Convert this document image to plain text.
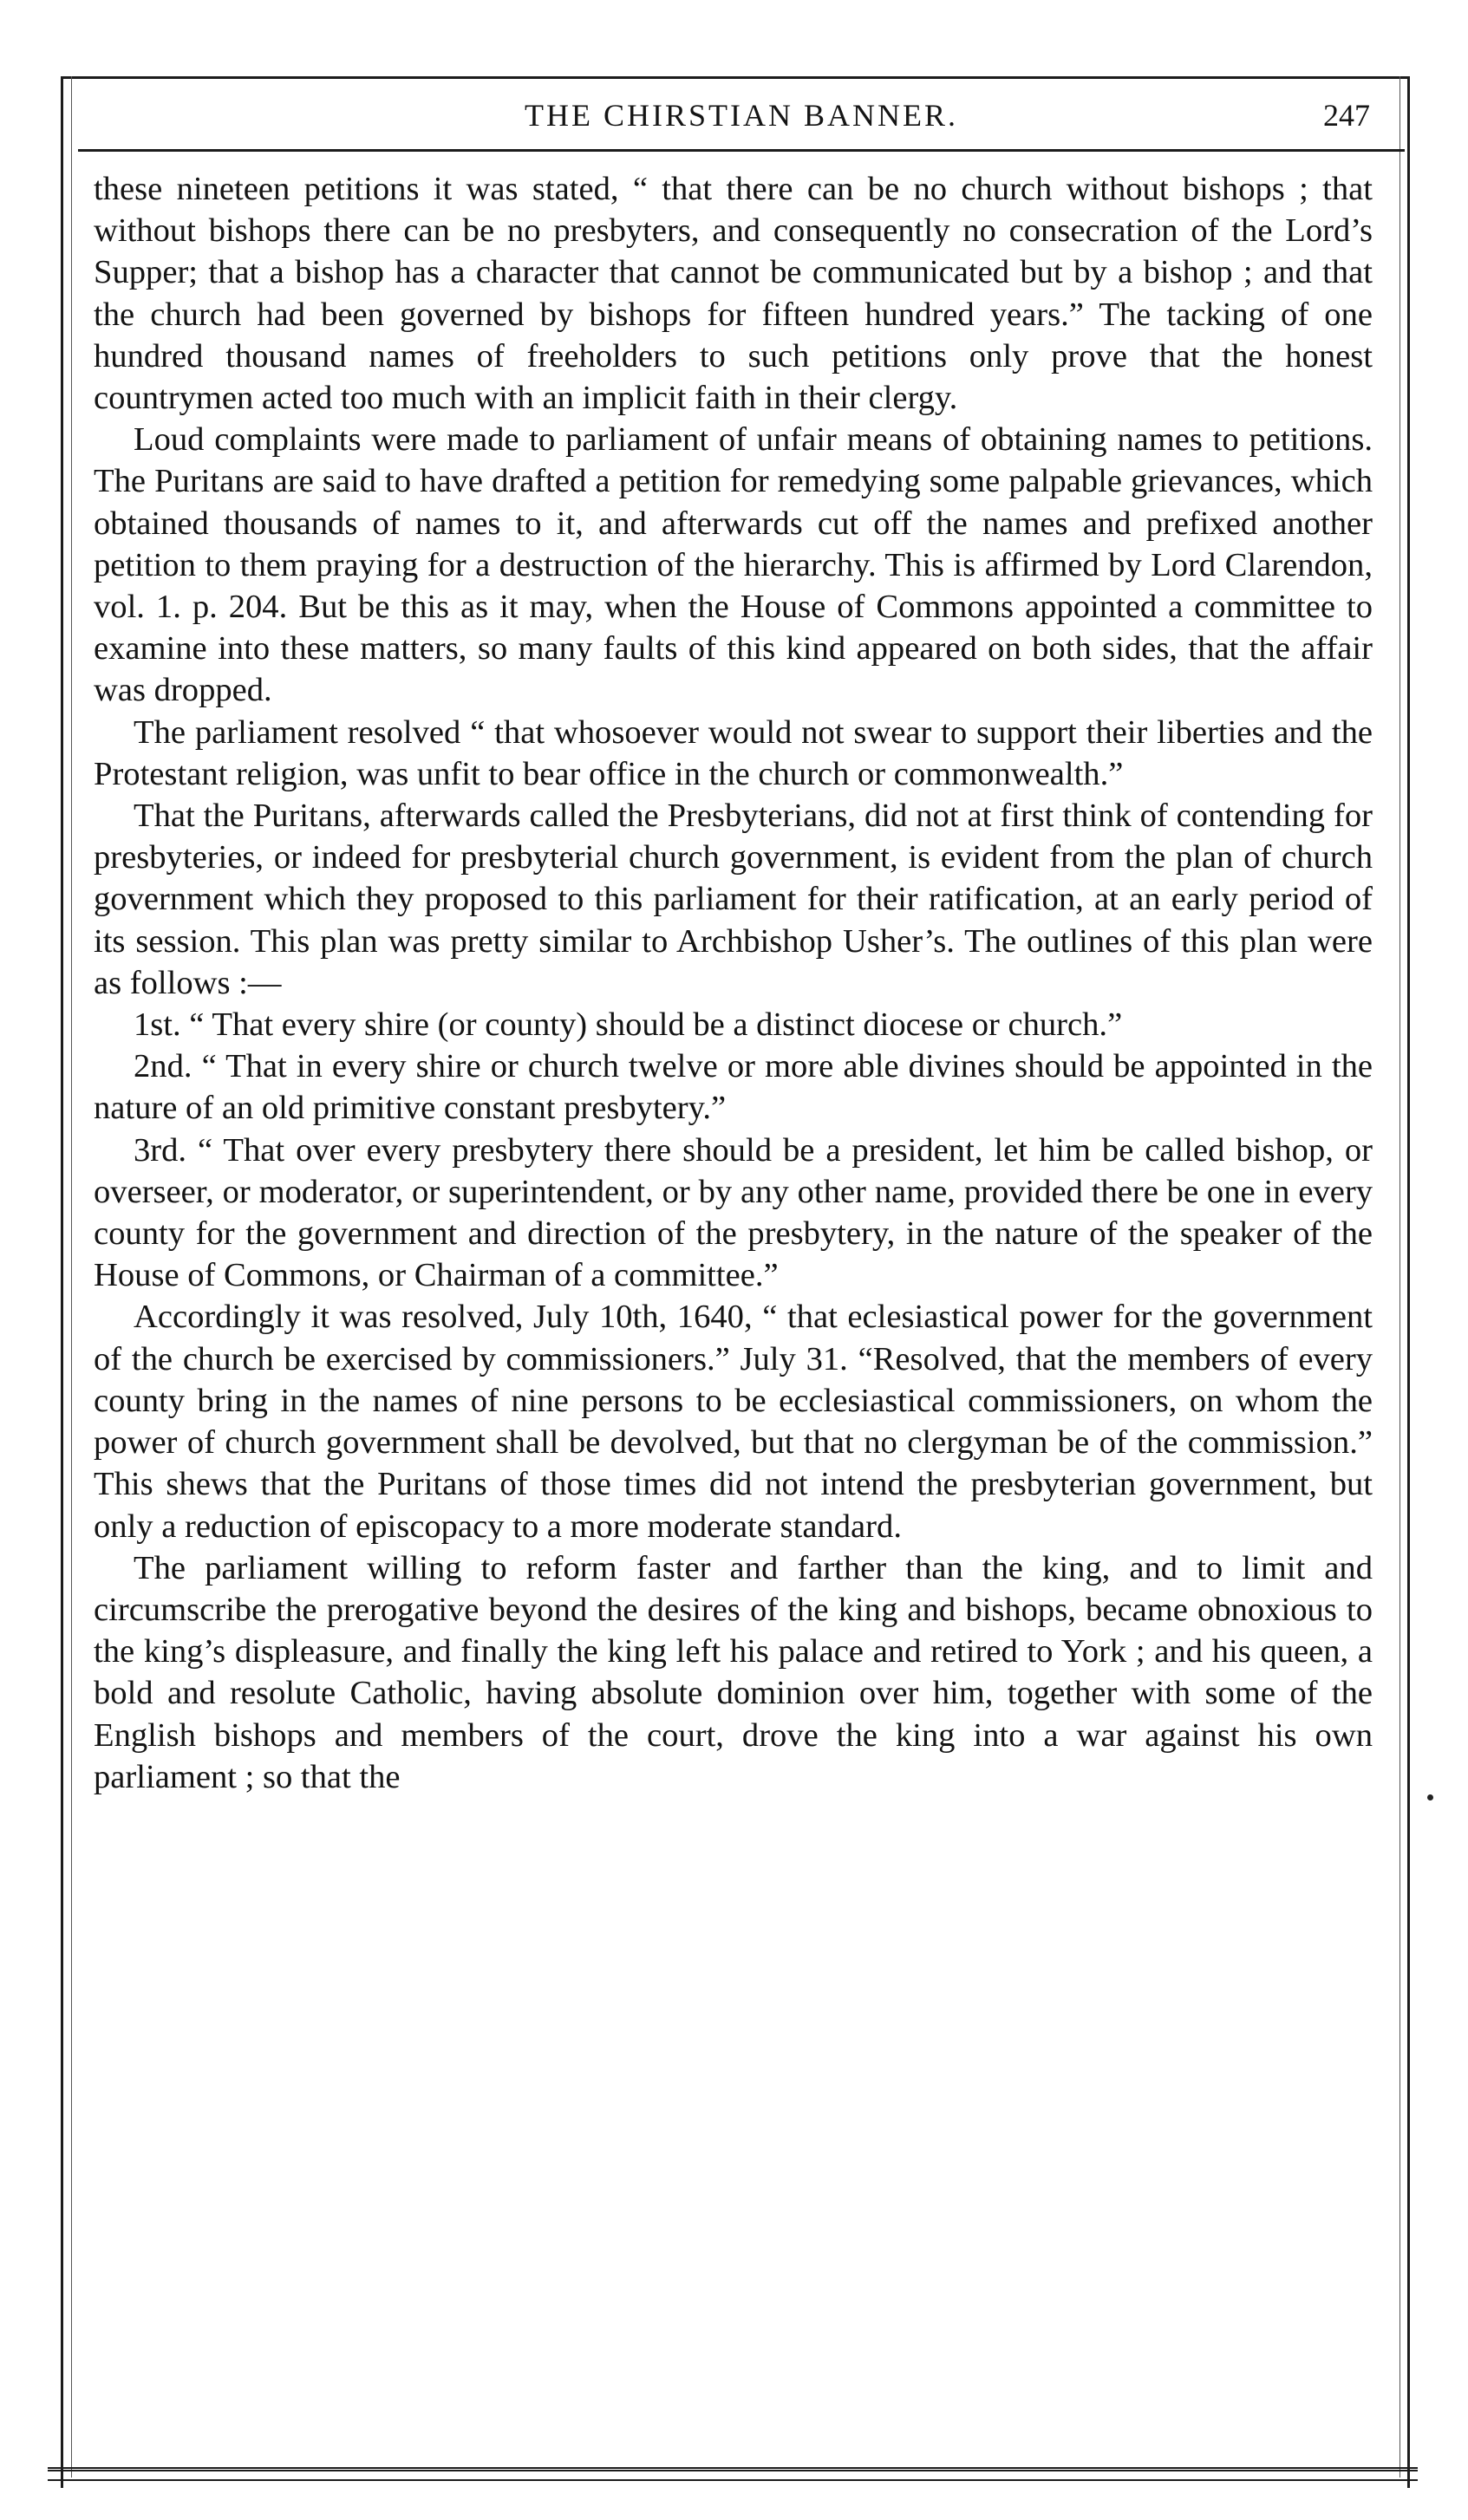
THE CHIRSTIAN BANNER.	247

these nineteen petitions it was stated, “ that there can be no church without bishops ; that without bishops there can be no presbyters, and consequently no consecration of the Lord’s Supper; that a bishop has a character that cannot be communicated but by a bishop ; and that the church had been governed by bishops for fifteen hundred years.” The tacking of one hundred thousand names of freeholders to such petitions only prove that the honest countrymen acted too much with an implicit faith in their clergy.

Loud complaints were made to parliament of unfair means of obtaining names to petitions. The Puritans are said to have drafted a petition for remedying some palpable grievances, which obtained thousands of names to it, and afterwards cut off the names and prefixed another petition to them praying for a destruction of the hierarchy. This is affirmed by Lord Clarendon, vol. 1. p. 204. But be this as it may, when the House of Commons appointed a committee to examine into these matters, so many faults of this kind appeared on both sides, that the affair was dropped.

The parliament resolved “ that whosoever would not swear to support their liberties and the Protestant religion, was unfit to bear office in the church or commonwealth.”

That the Puritans, afterwards called the Presbyterians, did not at first think of contending for presbyteries, or indeed for presbyterial church government, is evident from the plan of church government which they proposed to this parliament for their ratification, at an early period of its session. This plan was pretty similar to Archbishop Usher’s. The outlines of this plan were as follows :—

1st. “ That every shire (or county) should be a distinct diocese or church.”

2nd. “ That in every shire or church twelve or more able divines should be appointed in the nature of an old primitive constant presbytery.”

3rd. “ That over every presbytery there should be a president, let him be called bishop, or overseer, or moderator, or superintendent, or by any other name, provided there be one in every county for the government and direction of the presbytery, in the nature of the speaker of the House of Commons, or Chairman of a committee.”

Accordingly it was resolved, July 10th, 1640, “ that eclesiastical power for the government of the church be exercised by commissioners.” July 31. “Resolved, that the members of every county bring in the names of nine persons to be ecclesiastical commissioners, on whom the power of church government shall be devolved, but that no clergyman be of the commission.” This shews that the Puritans of those times did not intend the presbyterian government, but only a reduction of episcopacy to a more moderate standard.

The parliament willing to reform faster and farther than the king, and to limit and circumscribe the prerogative beyond the desires of the king and bishops, became obnoxious to the king’s displeasure, and finally the king left his palace and retired to York ; and his queen, a bold and resolute Catholic, having absolute dominion over him, together with some of the English bishops and members of the court, drove the king into a war against his own parliament ; so that the
